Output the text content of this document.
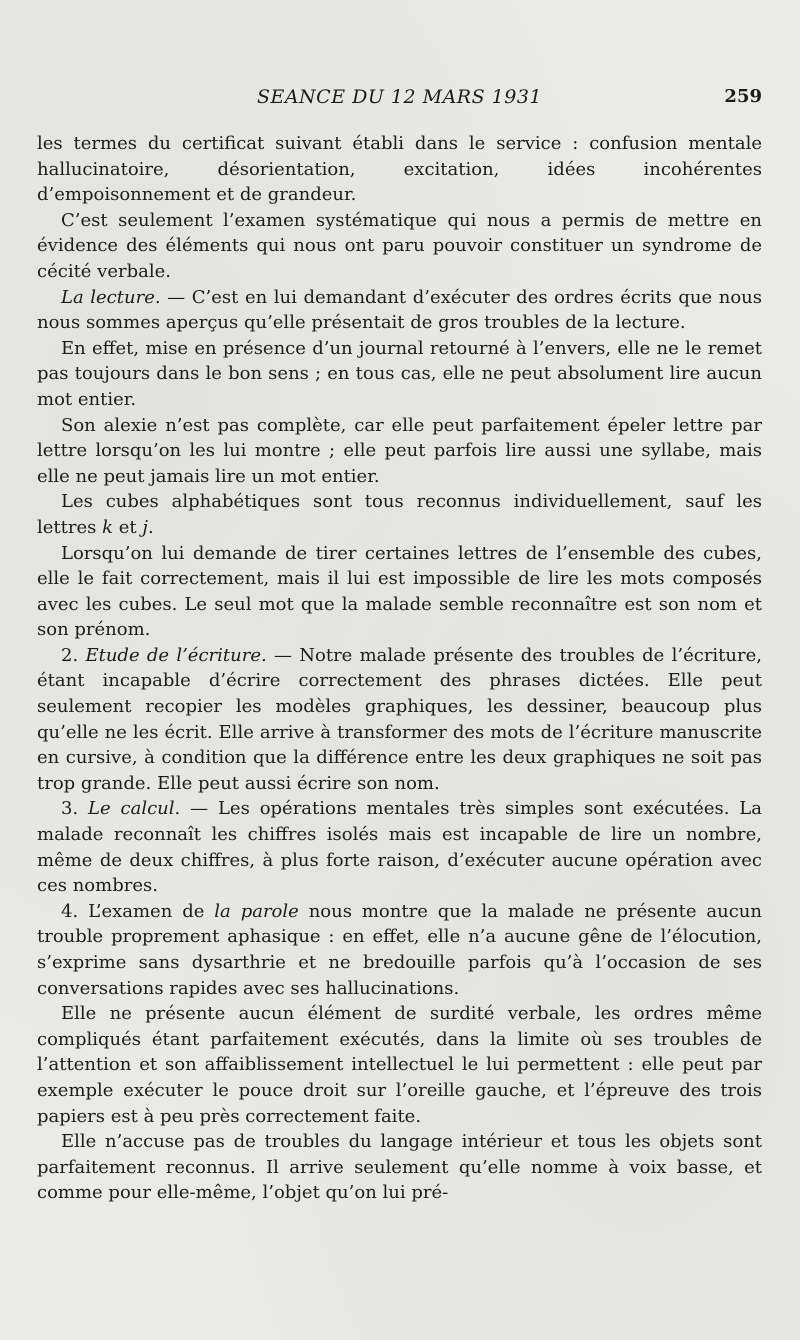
SEANCE DU 12 MARS 1931	259

les termes du certificat suivant établi dans le service : confusion mentale hallucinatoire, désorientation, excitation, idées incohérentes d’empoisonnement et de grandeur.

C’est seulement l’examen systématique qui nous a permis de mettre en évidence des éléments qui nous ont paru pouvoir constituer un syndrome de cécité verbale.

La lecture. — C’est en lui demandant d’exécuter des ordres écrits que nous nous sommes aperçus qu’elle présentait de gros troubles de la lecture.

En effet, mise en présence d’un journal retourné à l’envers, elle ne le remet pas toujours dans le bon sens ; en tous cas, elle ne peut absolument lire aucun mot entier.

Son alexie n’est pas complète, car elle peut parfaitement épeler lettre par lettre lorsqu’on les lui montre ; elle peut parfois lire aussi une syllabe, mais elle ne peut jamais lire un mot entier.

Les cubes alphabétiques sont tous reconnus individuellement, sauf les lettres k et j.

Lorsqu’on lui demande de tirer certaines lettres de l’ensemble des cubes, elle le fait correctement, mais il lui est impossible de lire les mots composés avec les cubes. Le seul mot que la malade semble reconnaître est son nom et son prénom.

2. Etude de l’écriture. — Notre malade présente des troubles de l’écriture, étant incapable d’écrire correctement des phrases dictées. Elle peut seulement recopier les modèles graphiques, les dessiner, beaucoup plus qu’elle ne les écrit. Elle arrive à transformer des mots de l’écriture manuscrite en cursive, à condition que la différence entre les deux graphiques ne soit pas trop grande. Elle peut aussi écrire son nom.

3. Le calcul. — Les opérations mentales très simples sont exécutées. La malade reconnaît les chiffres isolés mais est incapable de lire un nombre, même de deux chiffres, à plus forte raison, d’exécuter aucune opération avec ces nombres.

4. L’examen de la parole nous montre que la malade ne présente aucun trouble proprement aphasique : en effet, elle n’a aucune gêne de l’élocution, s’exprime sans dysarthrie et ne bredouille parfois qu’à l’occasion de ses conversations rapides avec ses hallucinations.

Elle ne présente aucun élément de surdité verbale, les ordres même compliqués étant parfaitement exécutés, dans la limite où ses troubles de l’attention et son affaiblissement intellectuel le lui permettent : elle peut par exemple exécuter le pouce droit sur l’oreille gauche, et l’épreuve des trois papiers est à peu près correctement faite.

Elle n’accuse pas de troubles du langage intérieur et tous les objets sont parfaitement reconnus. Il arrive seulement qu’elle nomme à voix basse, et comme pour elle-même, l’objet qu’on lui pré-
